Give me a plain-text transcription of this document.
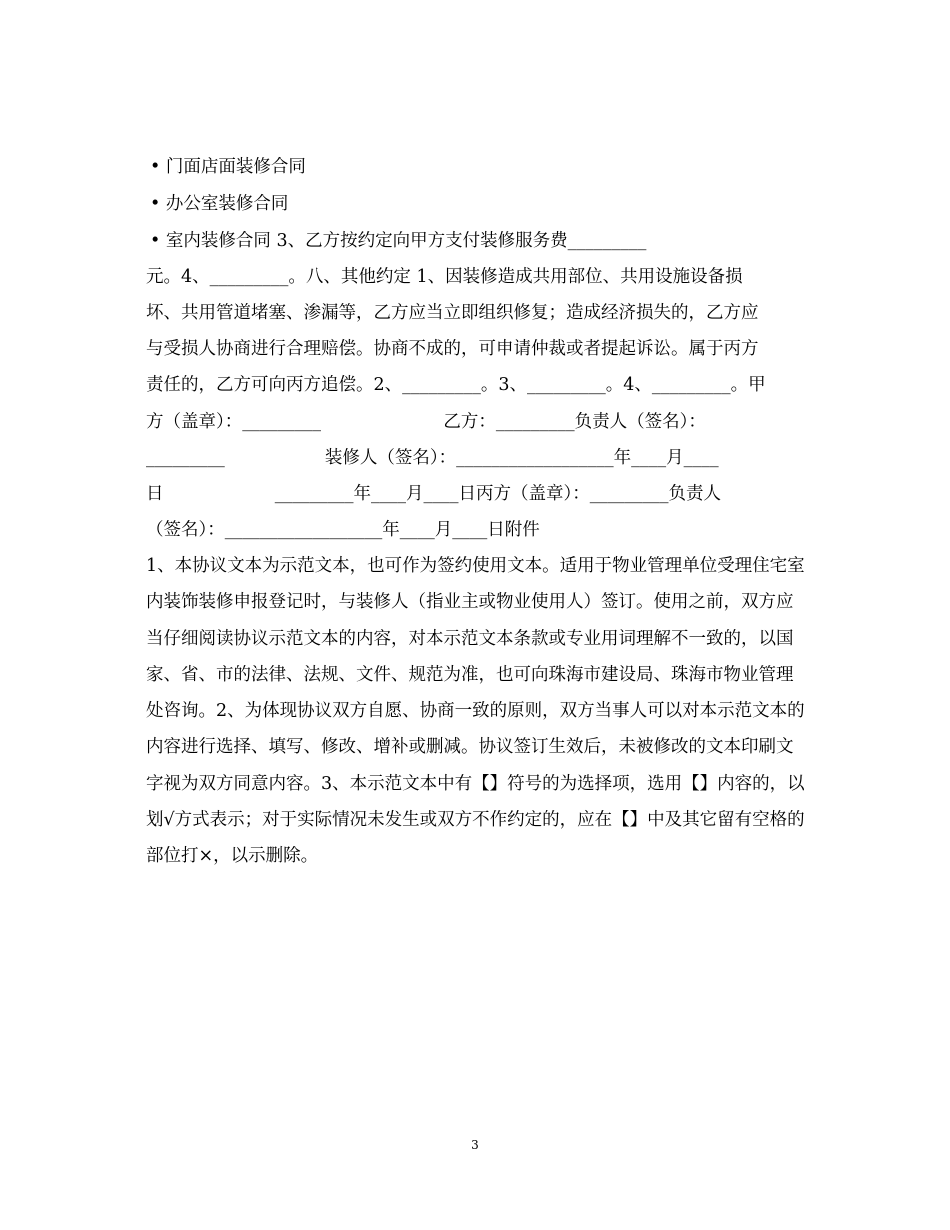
• 门面店面装修合同
• 办公室装修合同
• 室内装修合同 3、乙方按约定向甲方支付装修服务费_________
元。4、_________。八、其他约定 1、因装修造成共用部位、共用设施设备损
坏、共用管道堵塞、渗漏等，乙方应当立即组织修复；造成经济损失的，乙方应
与受损人协商进行合理赔偿。协商不成的，可申请仲裁或者提起诉讼。属于丙方
责任的，乙方可向丙方追偿。2、_________。3、_________。4、_________。甲
方（盖章）：_________                      乙方：_________负责人（签名）：
_________                  装修人（签名）：__________________年____月____
日                    _________年____月____日丙方（盖章）：_________负责人
（签名）：__________________年____月____日附件
1、本协议文本为示范文本，也可作为签约使用文本。适用于物业管理单位受理住宅室内装饰装修申报登记时，与装修人（指业主或物业使用人）签订。使用之前，双方应当仔细阅读协议示范文本的内容，对本示范文本条款或专业用词理解不一致的，以国家、省、市的法律、法规、文件、规范为准，也可向珠海市建设局、珠海市物业管理处咨询。2、为体现协议双方自愿、协商一致的原则，双方当事人可以对本示范文本的内容进行选择、填写、修改、增补或删减。协议签订生效后，未被修改的文本印刷文字视为双方同意内容。3、本示范文本中有【】符号的为选择项，选用【】内容的，以划√方式表示；对于实际情况未发生或双方不作约定的，应在【】中及其它留有空格的部位打×，以示删除。
3
